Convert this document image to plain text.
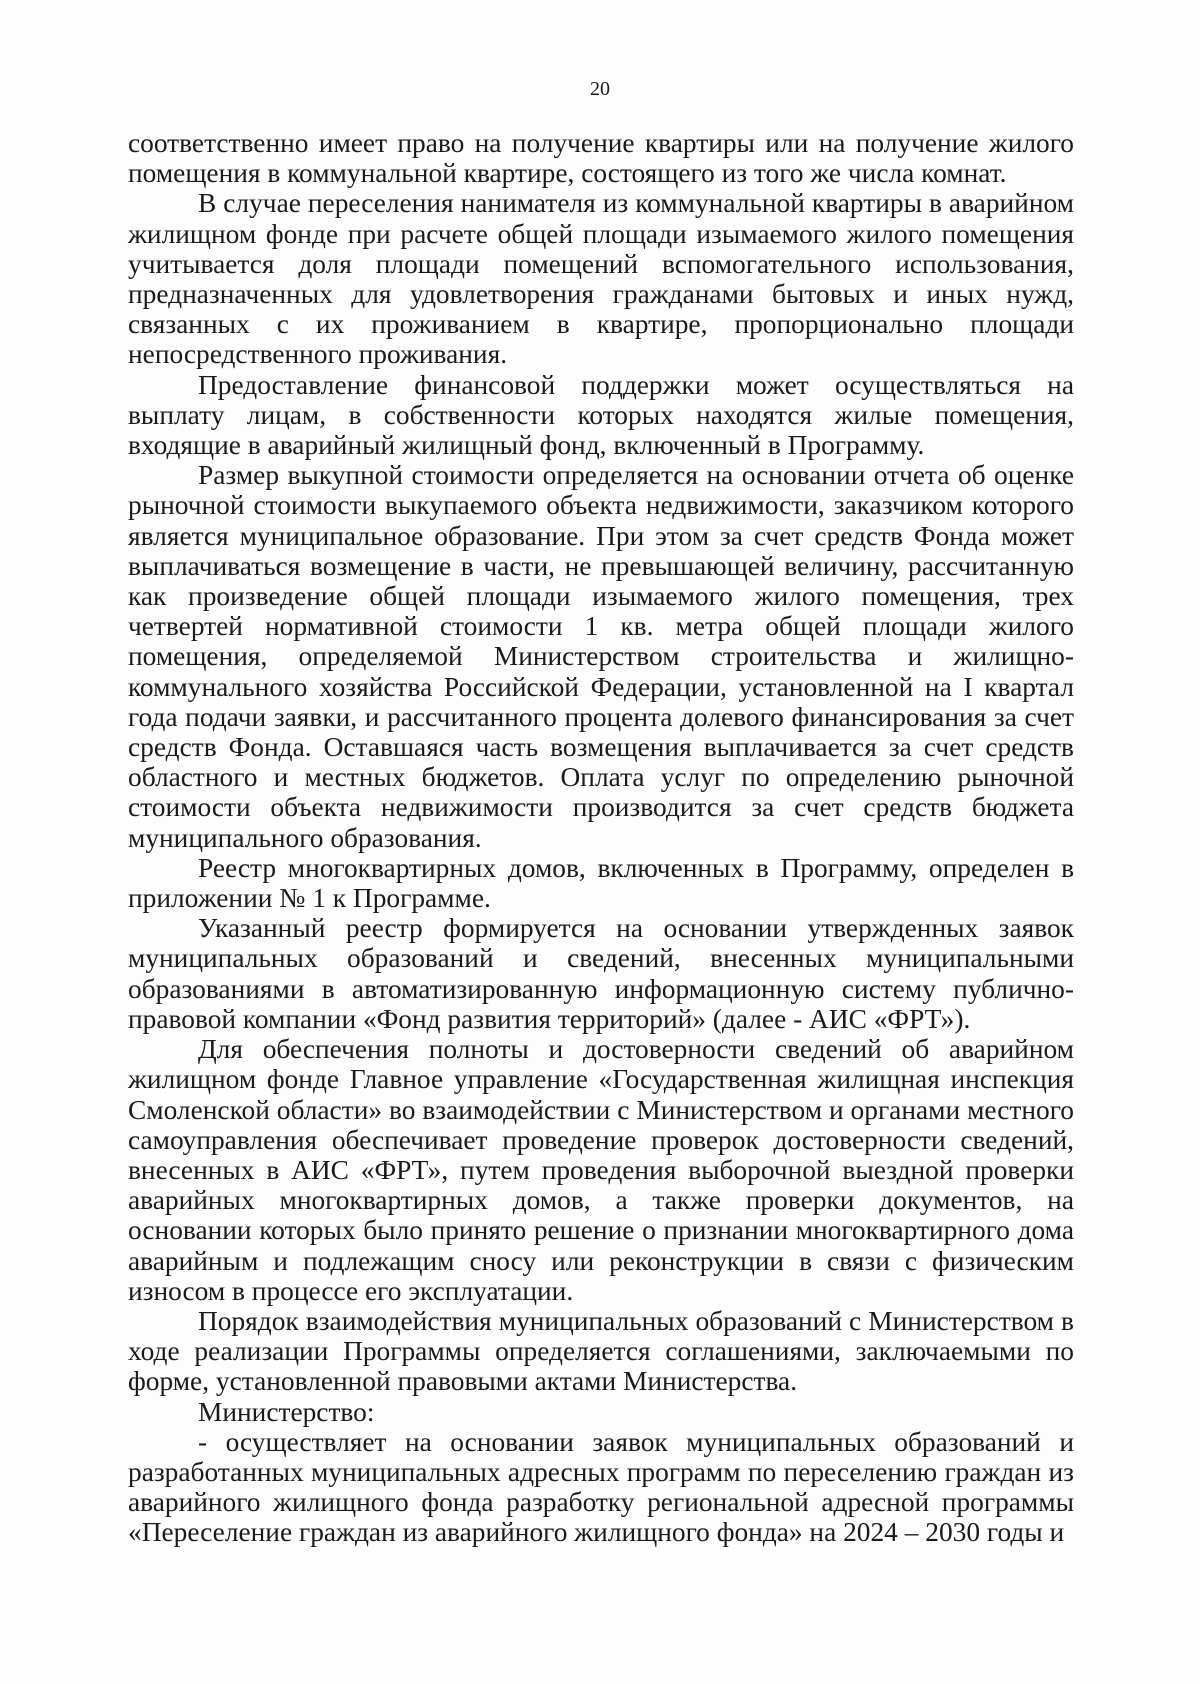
20

соответственно имеет право на получение квартиры или на получение жилого помещения в коммунальной квартире, состоящего из того же числа комнат.

В случае переселения нанимателя из коммунальной квартиры в аварийном жилищном фонде при расчете общей площади изымаемого жилого помещения учитывается доля площади помещений вспомогательного использования, предназначенных для удовлетворения гражданами бытовых и иных нужд, связанных с их проживанием в квартире, пропорционально площади непосредственного проживания.

Предоставление финансовой поддержки может осуществляться на выплату лицам, в собственности которых находятся жилые помещения, входящие в аварийный жилищный фонд, включенный в Программу.

Размер выкупной стоимости определяется на основании отчета об оценке рыночной стоимости выкупаемого объекта недвижимости, заказчиком которого является муниципальное образование. При этом за счет средств Фонда может выплачиваться возмещение в части, не превышающей величину, рассчитанную как произведение общей площади изымаемого жилого помещения, трех четвертей нормативной стоимости 1 кв. метра общей площади жилого помещения, определяемой Министерством строительства и жилищно-коммунального хозяйства Российской Федерации, установленной на I квартал года подачи заявки, и рассчитанного процента долевого финансирования за счет средств Фонда. Оставшаяся часть возмещения выплачивается за счет средств областного и местных бюджетов. Оплата услуг по определению рыночной стоимости объекта недвижимости производится за счет средств бюджета муниципального образования.

Реестр многоквартирных домов, включенных в Программу, определен в приложении № 1 к Программе.

Указанный реестр формируется на основании утвержденных заявок муниципальных образований и сведений, внесенных муниципальными образованиями в автоматизированную информационную систему публично-правовой компании «Фонд развития территорий» (далее - АИС «ФРТ»).

Для обеспечения полноты и достоверности сведений об аварийном жилищном фонде Главное управление «Государственная жилищная инспекция Смоленской области» во взаимодействии с Министерством и органами местного самоуправления обеспечивает проведение проверок достоверности сведений, внесенных в АИС «ФРТ», путем проведения выборочной выездной проверки аварийных многоквартирных домов, а также проверки документов, на основании которых было принято решение о признании многоквартирного дома аварийным и подлежащим сносу или реконструкции в связи с физическим износом в процессе его эксплуатации.

Порядок взаимодействия муниципальных образований с Министерством в ходе реализации Программы определяется соглашениями, заключаемыми по форме, установленной правовыми актами Министерства.

Министерство:

- осуществляет на основании заявок муниципальных образований и разработанных муниципальных адресных программ по переселению граждан из аварийного жилищного фонда разработку региональной адресной программы «Переселение граждан из аварийного жилищного фонда» на 2024 – 2030 годы и
